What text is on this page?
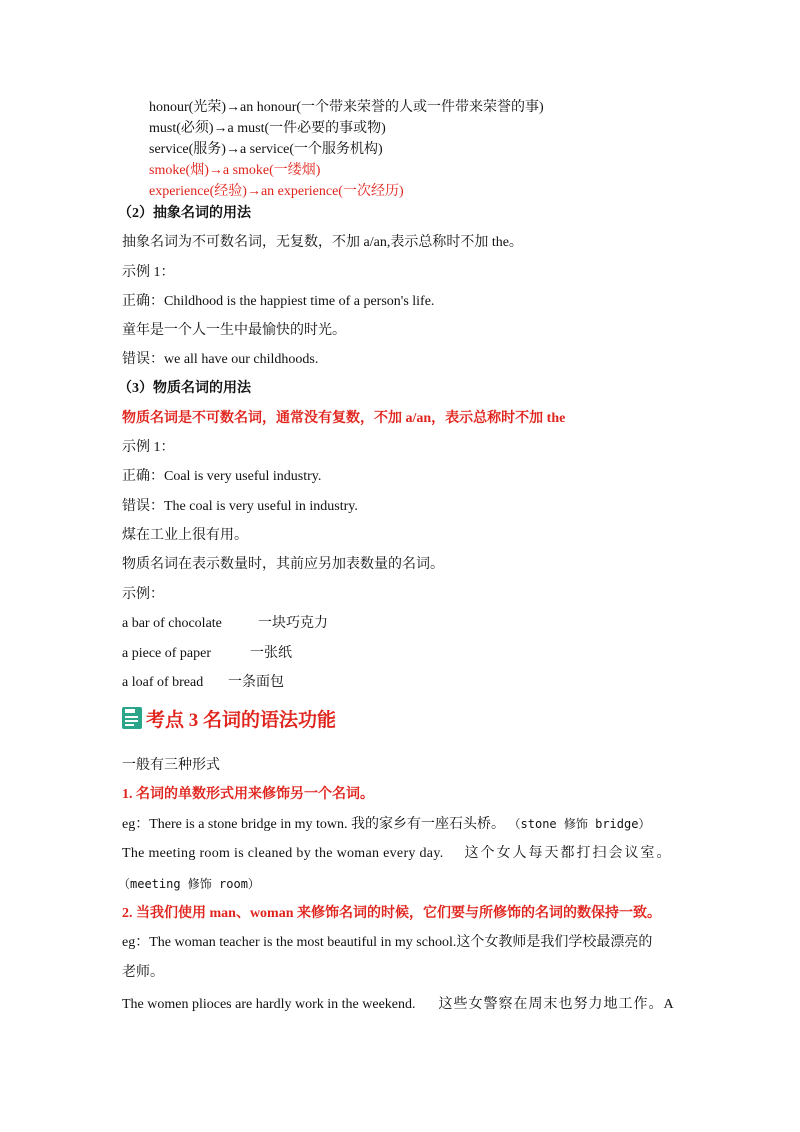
honour(光荣)→an honour(一个带来荣誉的人或一件带来荣誉的事)
must(必须)→a must(一件必要的事或物)
service(服务)→a service(一个服务机构)
smoke(烟)→a smoke(一缕烟)
experience(经验)→an experience(一次经历)
（2）抽象名词的用法
抽象名词为不可数名词，无复数，不加 a/an,表示总称时不加 the。
示例 1：
正确：Childhood is the happiest time of a person's life.
童年是一个人一生中最愉快的时光。
错误：we all have our childhoods.
（3）物质名词的用法
物质名词是不可数名词，通常没有复数，不加 a/an，表示总称时不加 the
示例 1：
正确：Coal is very useful industry.
错误：The coal is very useful in industry.
煤在工业上很有用。
物质名词在表示数量时，其前应另加表数量的名词。
示例：
a bar of chocolate	一块巧克力
a piece of paper	一张纸
a loaf of bread 一条面包
考点 3 名词的语法功能
一般有三种形式
1. 名词的单数形式用来修饰另一个名词。
eg：There is a stone bridge in my town. 我的家乡有一座石头桥。 （stone 修饰 bridge）
The meeting room is cleaned by the woman every day. 这个女人每天都打扫会议室。
（meeting 修饰 room）
2. 当我们使用 man、woman 来修饰名词的时候，它们要与所修饰的名词的数保持一致。
eg：The woman teacher is the most beautiful in my school.这个女教师是我们学校最漂亮的
老师。
The women plioces are hardly work in the weekend. 这些女警察在周末也努力地工作。A
